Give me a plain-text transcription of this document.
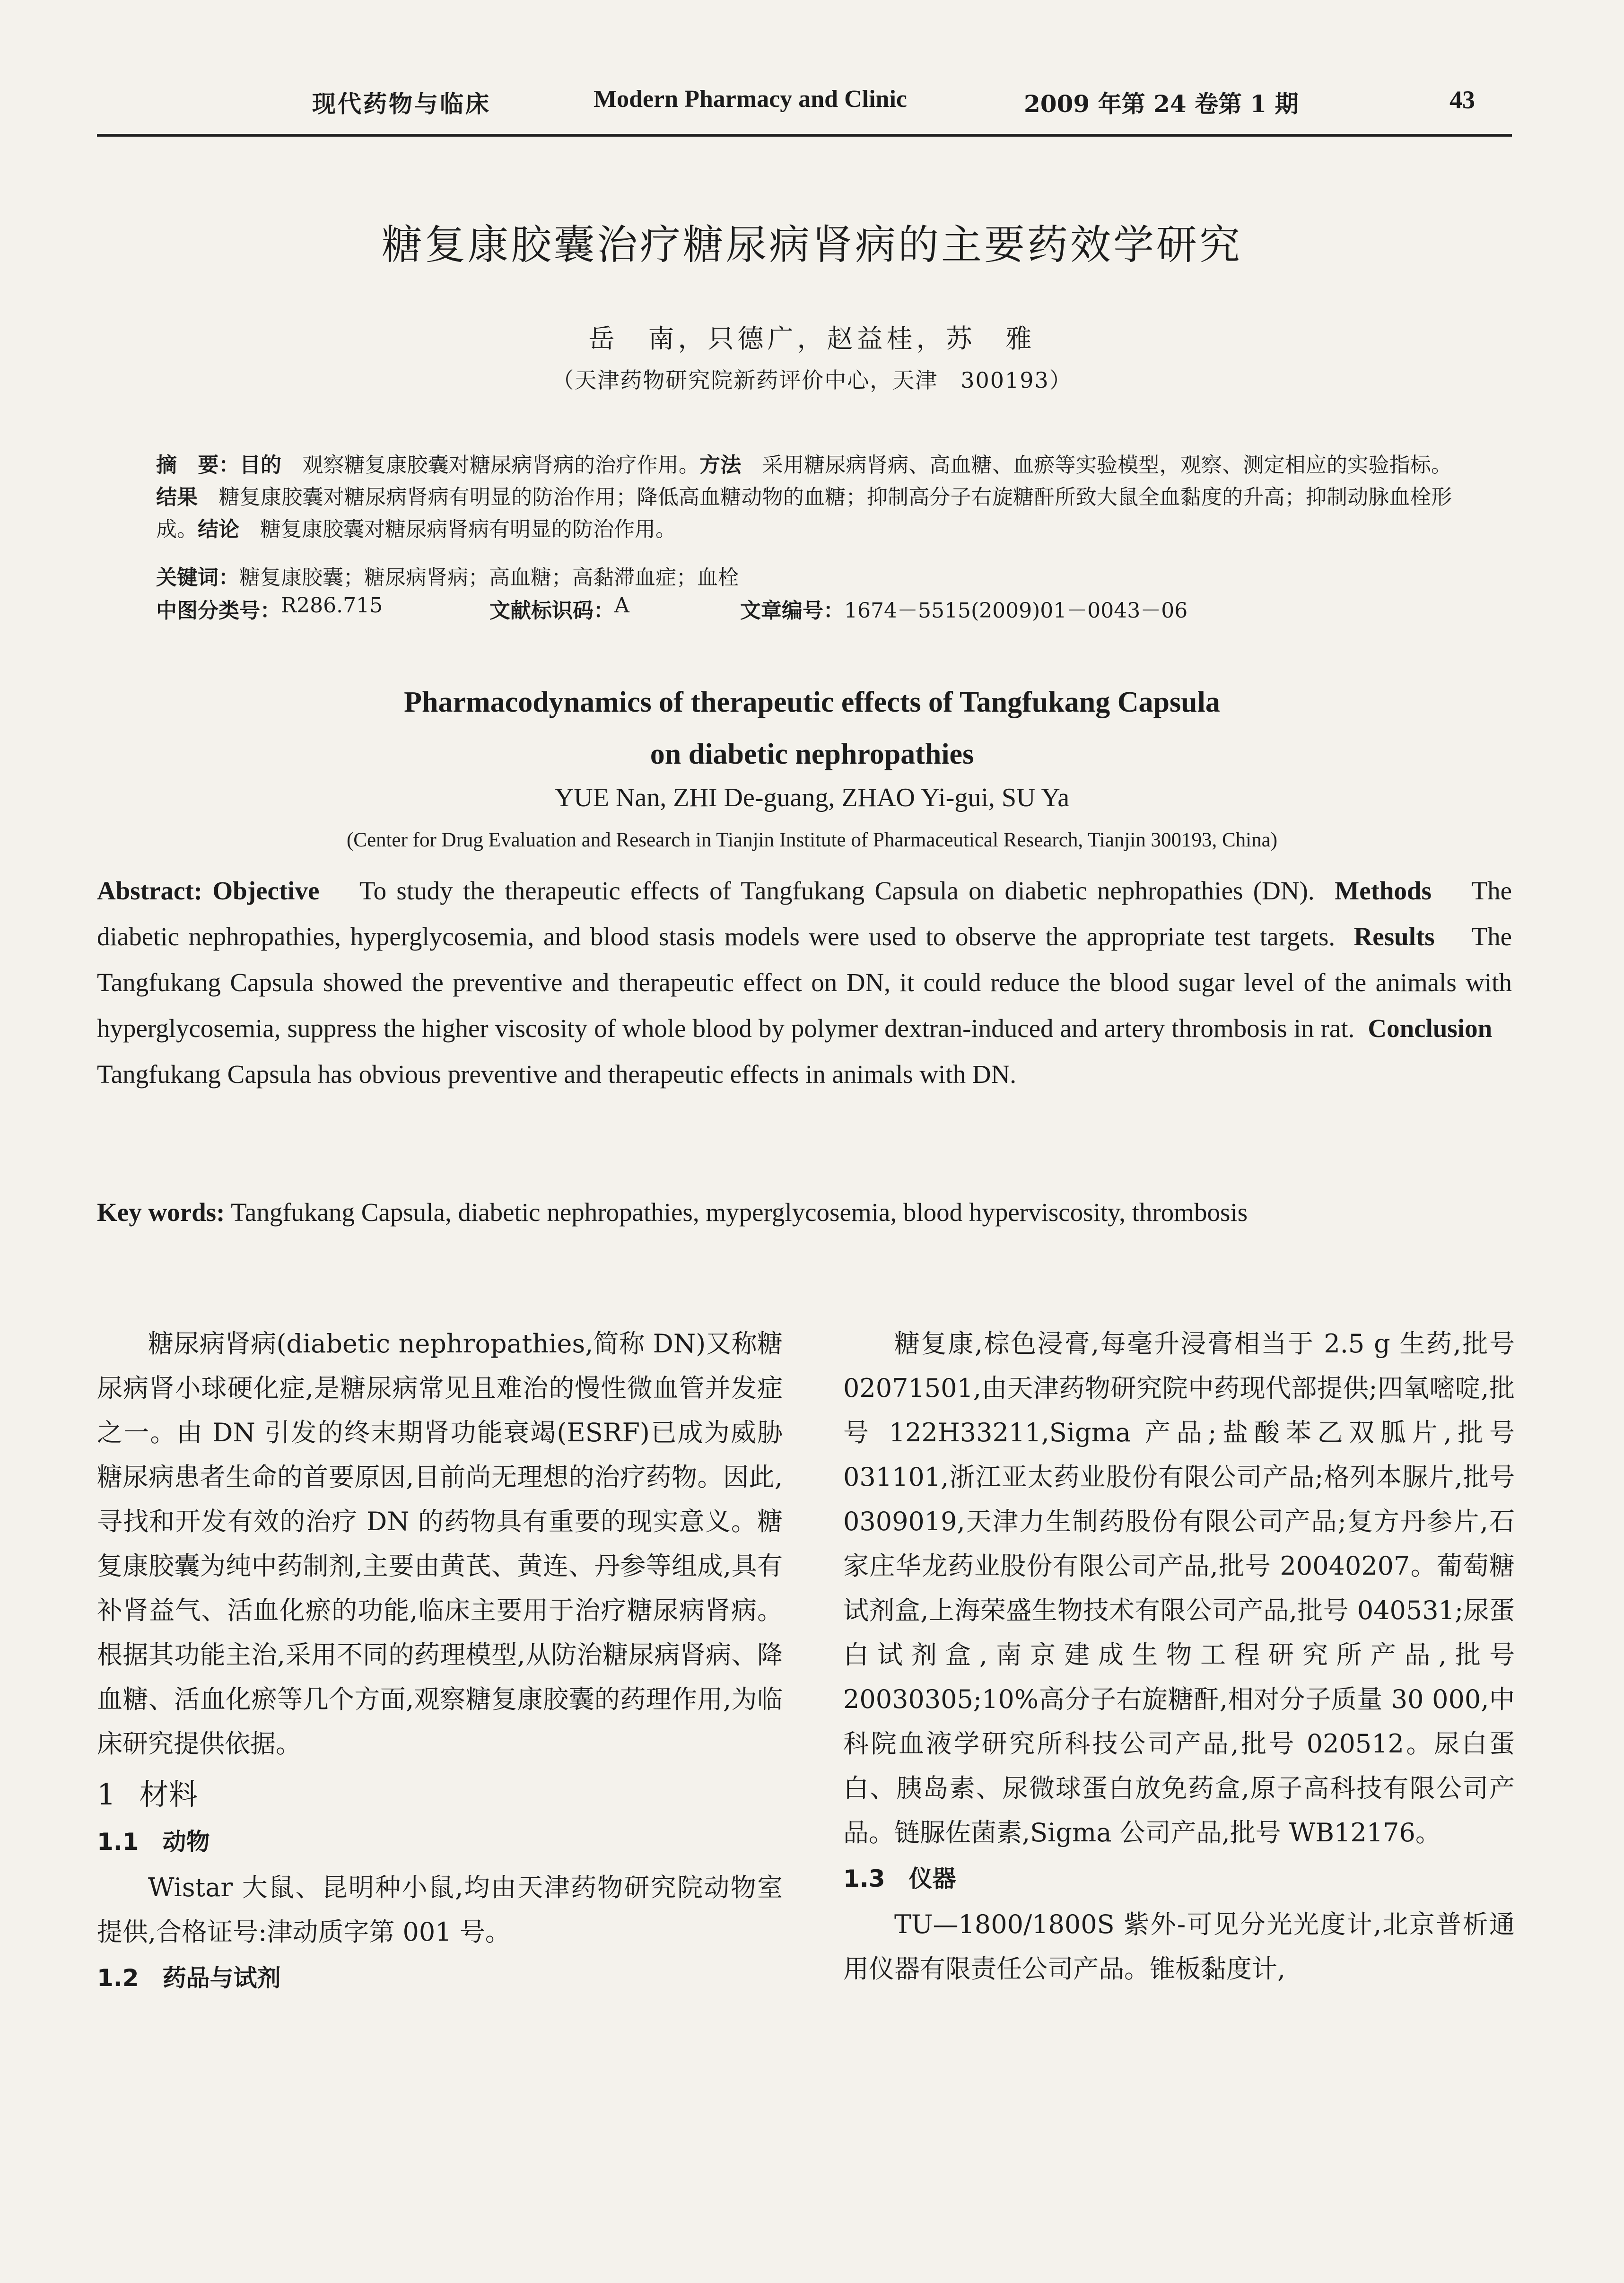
现代药物与临床	Modern Pharmacy and Clinic	2009 年第 24 卷第 1 期	43
糖复康胶囊治疗糖尿病肾病的主要药效学研究
岳　南，只德广，赵益桂，苏　雅
（天津药物研究院新药评价中心，天津　300193）
摘　要：目的　 观察糖复康胶囊对糖尿病肾病的治疗作用。方法　 采用糖尿病肾病、高血糖、血瘀等实验模型，观察、测定相应的实验指标。结果　 糖复康胶囊对糖尿病肾病有明显的防治作用；降低高血糖动物的血糖；抑制高分子右旋糖酐所致大鼠全血黏度的升高；抑制动脉血栓形成。结论　 糖复康胶囊对糖尿病肾病有明显的防治作用。
关键词：糖复康胶囊；糖尿病肾病；高血糖；高黏滞血症；血栓
中图分类号： R286.715	文献标识码： A	文章编号： 1674－5515(2009)01－0043－06
Pharmacodynamics of therapeutic effects of Tangfukang Capsula
on diabetic nephropathies
YUE Nan, ZHI De-guang, ZHAO Yi-gui, SU Ya
(Center for Drug Evaluation and Research in Tianjin Institute of Pharmaceutical Research, Tianjin 300193, China)
Abstract: Objective To study the therapeutic effects of Tangfukang Capsula on diabetic nephropathies (DN). Methods The diabetic nephropathies, hyperglycosemia, and blood stasis models were used to observe the appropriate test targets. Results The Tangfukang Capsula showed the preventive and therapeutic effect on DN, it could reduce the blood sugar level of the animals with hyperglycosemia, suppress the higher viscosity of whole blood by polymer dextran-induced and artery thrombosis in rat. Conclusion    Tangfukang Capsula has obvious preventive and therapeutic effects in animals with DN.
Key words: Tangfukang Capsula, diabetic nephropathies, myperglycosemia, blood hyperviscosity, thrombosis

糖尿病肾病(diabetic nephropathies,简称 DN)又称糖尿病肾小球硬化症,是糖尿病常见且难治的慢性微血管并发症之一。由 DN 引发的终末期肾功能衰竭(ESRF)已成为威胁糖尿病患者生命的首要原因,目前尚无理想的治疗药物。因此,寻找和开发有效的治疗 DN 的药物具有重要的现实意义。糖复康胶囊为纯中药制剂,主要由黄芪、黄连、丹参等组成,具有补肾益气、活血化瘀的功能,临床主要用于治疗糖尿病肾病。根据其功能主治,采用不同的药理模型,从防治糖尿病肾病、降血糖、活血化瘀等几个方面,观察糖复康胶囊的药理作用,为临床研究提供依据。

1 材料
1.1 动物

Wistar 大鼠、昆明种小鼠,均由天津药物研究院动物室提供,合格证号:津动质字第 001 号。

1.2 药品与试剂

糖复康,棕色浸膏,每毫升浸膏相当于 2.5 g 生药,批号 02071501,由天津药物研究院中药现代部提供;四氧嘧啶,批号 122H33211,Sigma 产品;盐酸苯乙双胍片,批号 031101,浙江亚太药业股份有限公司产品;格列本脲片,批号 0309019,天津力生制药股份有限公司产品;复方丹参片,石家庄华龙药业股份有限公司产品,批号 20040207。葡萄糖试剂盒,上海荣盛生物技术有限公司产品,批号 040531;尿蛋白试剂盒,南京建成生物工程研究所产品,批号 20030305;10%高分子右旋糖酐,相对分子质量 30 000,中科院血液学研究所科技公司产品,批号 020512。尿白蛋白、胰岛素、尿微球蛋白放免药盒,原子高科技有限公司产品。链脲佐菌素,Sigma 公司产品,批号 WB12176。

1.3 仪器

TU—1800/1800S 紫外-可见分光光度计,北京普析通用仪器有限责任公司产品。锥板黏度计,
